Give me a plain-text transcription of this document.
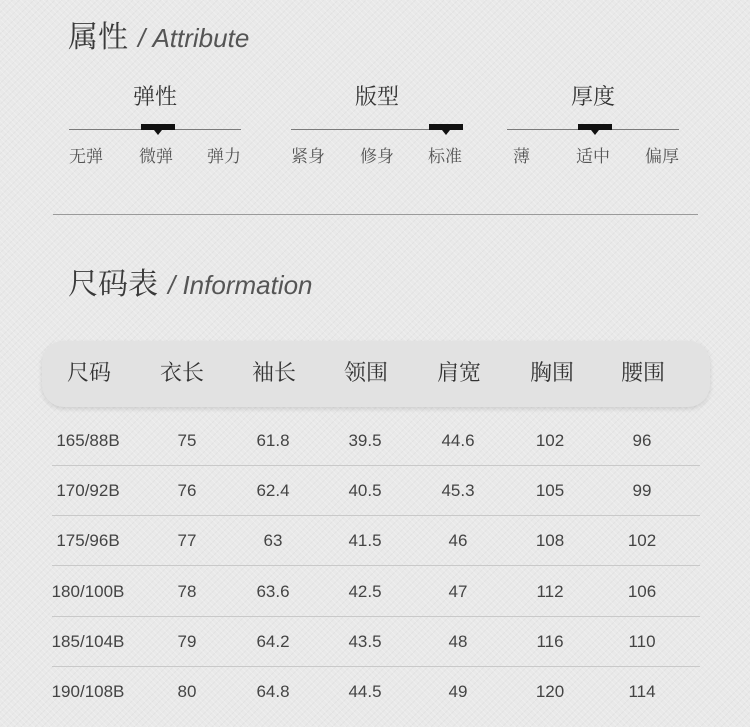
属性 / Attribute
弹性
无弹 微弹 弹力
版型
紧身 修身 标准
厚度
薄	适中 偏厚
尺码表 / Information
尺码 衣长 袖长 领围 肩宽 胸围 腰围
165/88B	75	61.8	39.5	44.6	102	96
170/92B	76	62.4	40.5	45.3	105	99
175/96B	77	63	41.5	46	108	102
180/100B	78	63.6	42.5	47	112	106
185/104B	79	64.2	43.5	48	116	110
190/108B	80	64.8	44.5	49	120	114
